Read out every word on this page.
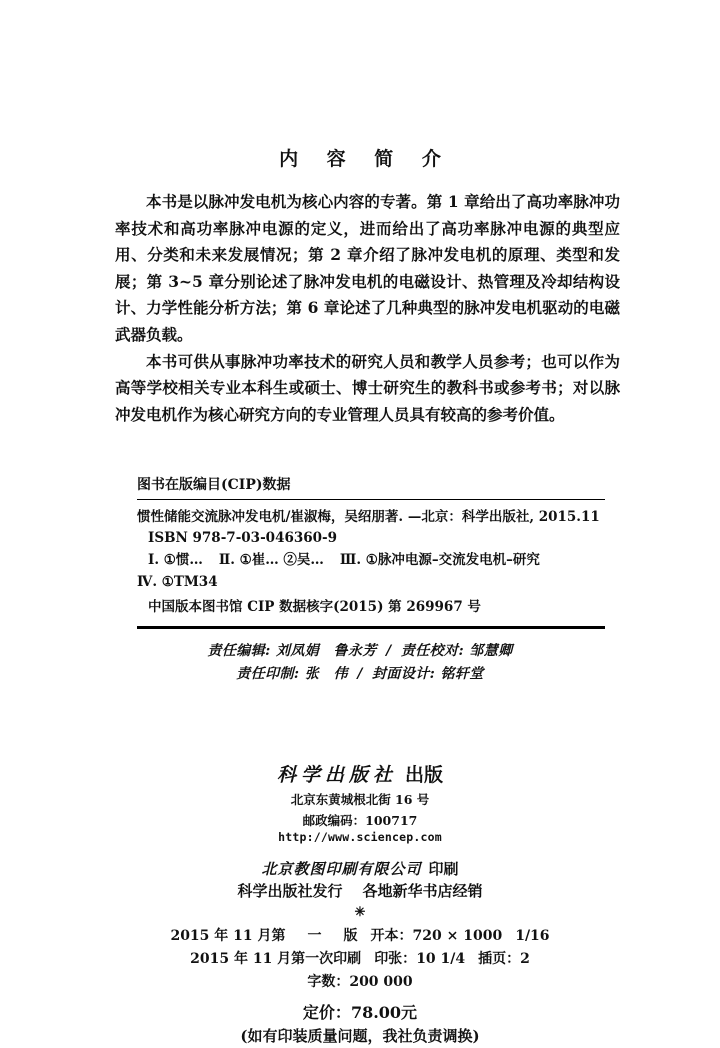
内 容 简 介

本书是以脉冲发电机为核心内容的专著。第 1 章给出了高功率脉冲功率技术和高功率脉冲电源的定义，进而给出了高功率脉冲电源的典型应用、分类和未来发展情况；第 2 章介绍了脉冲发电机的原理、类型和发展；第 3~5 章分别论述了脉冲发电机的电磁设计、热管理及冷却结构设计、力学性能分析方法；第 6 章论述了几种典型的脉冲发电机驱动的电磁武器负载。

本书可供从事脉冲功率技术的研究人员和教学人员参考；也可以作为高等学校相关专业本科生或硕士、博士研究生的教科书或参考书；对以脉冲发电机作为核心研究方向的专业管理人员具有较高的参考价值。

图书在版编目(CIP)数据
惯性储能交流脉冲发电机/崔淑梅，吴绍朋著. —北京：科学出版社, 2015.11
ISBN 978-7-03-046360-9
Ⅰ. ①惯… Ⅱ. ①崔… ②吴… Ⅲ. ①脉冲电源–交流发电机–研究
Ⅳ. ①TM34
中国版本图书馆 CIP 数据核字(2015) 第 269967 号
责任编辑: 刘凤娟　鲁永芳 / 责任校对: 邹慧卿
责任印制: 张　伟 / 封面设计: 铭轩堂
科学出版社 出版
北京东黄城根北街 16 号
邮政编码：100717
http://www.sciencep.com
北京教图印刷有限公司 印刷
科学出版社发行 各地新华书店经销
✳
2015 年 11 月第 一 版 开本：720 × 1000 1/16
2015 年 11 月第一次印刷 印张：10 1/4 插页：2
字数：200 000
定价：78.00元
(如有印装质量问题，我社负责调换)
